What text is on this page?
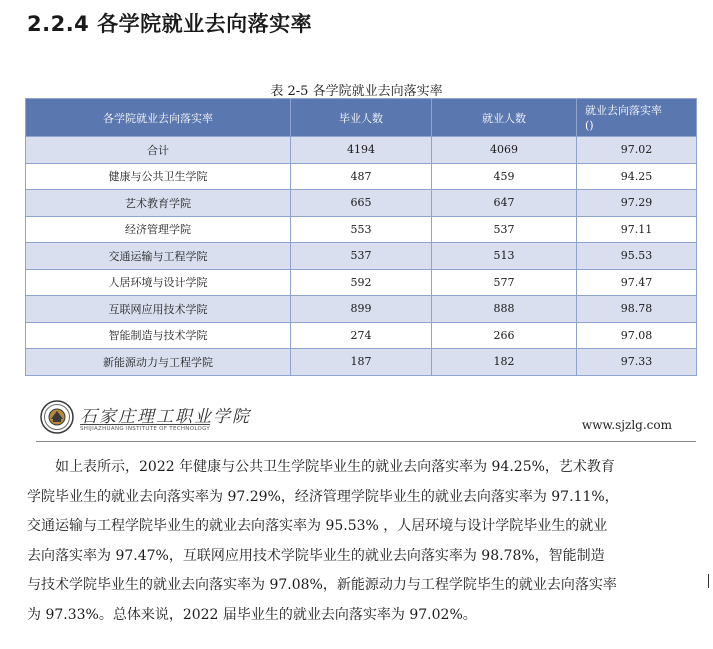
2.2.4 各学院就业去向落实率
表 2-5 各学院就业去向落实率
各学院就业去向落实率	毕业人数	就业人数	就业去向落实率
()
合计	4194	4069	97.02
健康与公共卫生学院	487	459	94.25
艺术教育学院	665	647	97.29
经济管理学院	553	537	97.11
交通运输与工程学院	537	513	95.53
人居环境与设计学院	592	577	97.47
互联网应用技术学院	899	888	98.78
智能制造与技术学院	274	266	97.08
新能源动力与工程学院	187	182	97.33
石家庄理工职业学院
SHIJIAZHUANG INSTITUTE OF TECHNOLOGY	www.sjzlg.com
如上表所示，2022 年健康与公共卫生学院毕业生的就业去向落实率为 94.25%，艺术教育
学院毕业生的就业去向落实率为 97.29%，经济管理学院毕业生的就业去向落实率为 97.11%，
交通运输与工程学院毕业生的就业去向落实率为 95.53% ，人居环境与设计学院毕业生的就业
去向落实率为 97.47%，互联网应用技术学院毕业生的就业去向落实率为 98.78%，智能制造
与技术学院毕业生的就业去向落实率为 97.08%，新能源动力与工程学院毕生的就业去向落实率
为 97.33%。总体来说，2022 届毕业生的就业去向落实率为 97.02%。
